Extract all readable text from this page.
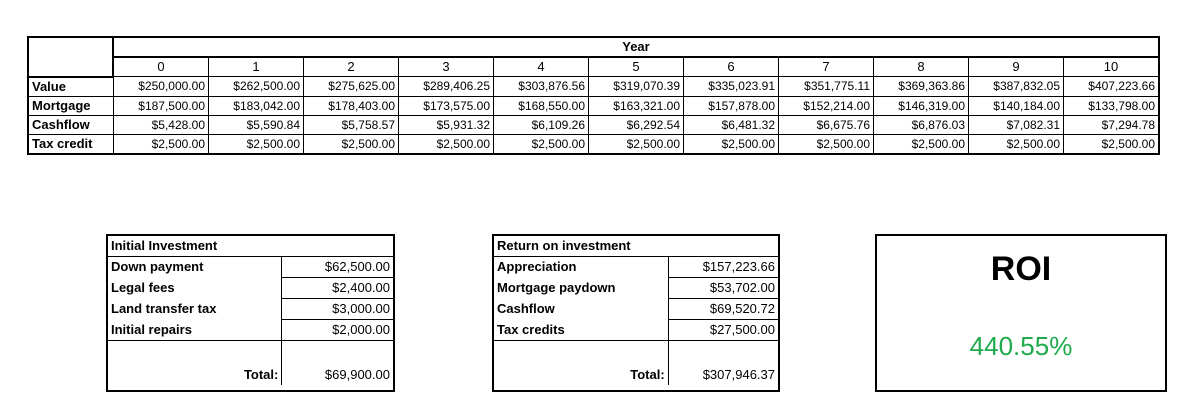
	Year										
	0	1	2	3	4	5	6	7	8	9	10
Value	$250,000.00	$262,500.00	$275,625.00	$289,406.25	$303,876.56	$319,070.39	$335,023.91	$351,775.11	$369,363.86	$387,832.05	$407,223.66
Mortgage	$187,500.00	$183,042.00	$178,403.00	$173,575.00	$168,550.00	$163,321.00	$157,878.00	$152,214.00	$146,319.00	$140,184.00	$133,798.00
Cashflow	$5,428.00	$5,590.84	$5,758.57	$5,931.32	$6,109.26	$6,292.54	$6,481.32	$6,675.76	$6,876.03	$7,082.31	$7,294.78
Tax credit	$2,500.00	$2,500.00	$2,500.00	$2,500.00	$2,500.00	$2,500.00	$2,500.00	$2,500.00	$2,500.00	$2,500.00	$2,500.00
Initial Investment	
Down payment	$62,500.00
Legal fees	$2,400.00
Land transfer tax	$3,000.00
Initial repairs	$2,000.00
Total:	$69,900.00
Return on investment	
Appreciation	$157,223.66
Mortgage paydown	$53,702.00
Cashflow	$69,520.72
Tax credits	$27,500.00
Total:	$307,946.37
ROI
440.55%
